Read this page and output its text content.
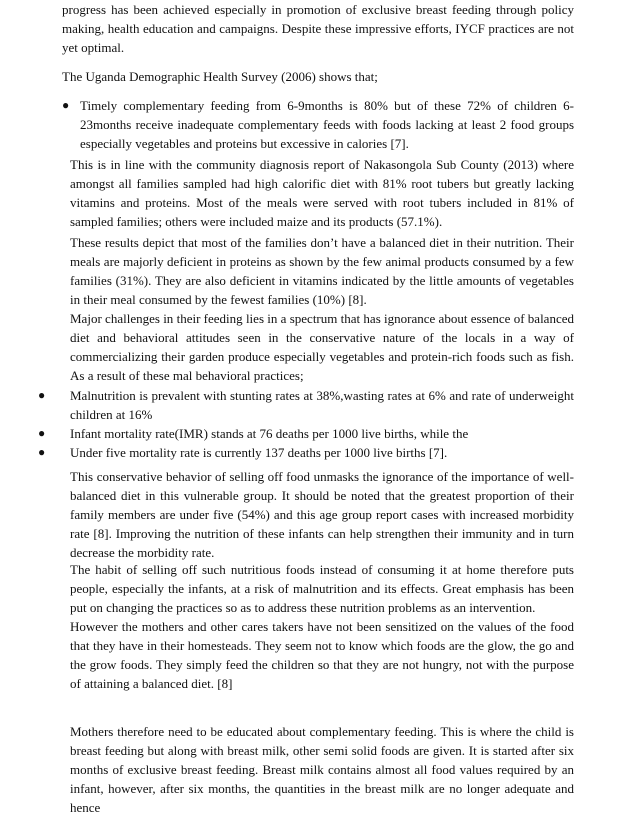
progress has been achieved especially in promotion of exclusive breast feeding through policy making, health education and campaigns. Despite these impressive efforts, IYCF practices are not yet optimal.

The Uganda Demographic Health Survey (2006) shows that;

● Timely complementary feeding from 6-9months is 80% but of these 72% of children 6-23months receive inadequate complementary feeds with foods lacking at least 2 food groups especially vegetables and proteins but excessive in calories [7].

This is in line with the community diagnosis report of Nakasongola Sub County (2013) where amongst all families sampled had high calorific diet with 81% root tubers but greatly lacking vitamins and proteins. Most of the meals were served with root tubers included in 81% of sampled families; others were included maize and its products (57.1%).

These results depict that most of the families don’t have a balanced diet in their nutrition. Their meals are majorly deficient in proteins as shown by the few animal products consumed by a few families (31%). They are also deficient in vitamins indicated by the little amounts of vegetables in their meal consumed by the fewest families (10%) [8].

Major challenges in their feeding lies in a spectrum that has ignorance about essence of balanced diet and behavioral attitudes seen in the conservative nature of the locals in a way of commercializing their garden produce especially vegetables and protein-rich foods such as fish. As a result of these mal behavioral practices;

● Malnutrition is prevalent with stunting rates at 38%,wasting rates at 6% and rate of underweight children at 16%

● Infant mortality rate(IMR) stands at 76 deaths per 1000 live births, while the

● Under five mortality rate is currently 137 deaths per 1000 live births [7].

This conservative behavior of selling off food unmasks the ignorance of the importance of well-balanced diet in this vulnerable group. It should be noted that the greatest proportion of their family members are under five (54%) and this age group report cases with increased morbidity rate [8]. Improving the nutrition of these infants can help strengthen their immunity and in turn decrease the morbidity rate.

The habit of selling off such nutritious foods instead of consuming it at home therefore puts people, especially the infants, at a risk of malnutrition and its effects. Great emphasis has been put on changing the practices so as to address these nutrition problems as an intervention.

However the mothers and other cares takers have not been sensitized on the values of the food that they have in their homesteads. They seem not to know which foods are the glow, the go and the grow foods. They simply feed the children so that they are not hungry, not with the purpose of attaining a balanced diet. [8]

Mothers therefore need to be educated about complementary feeding. This is where the child is breast feeding but along with breast milk, other semi solid foods are given. It is started after six months of exclusive breast feeding. Breast milk contains almost all food values required by an infant, however, after six months, the quantities in the breast milk are no longer adequate and hence
